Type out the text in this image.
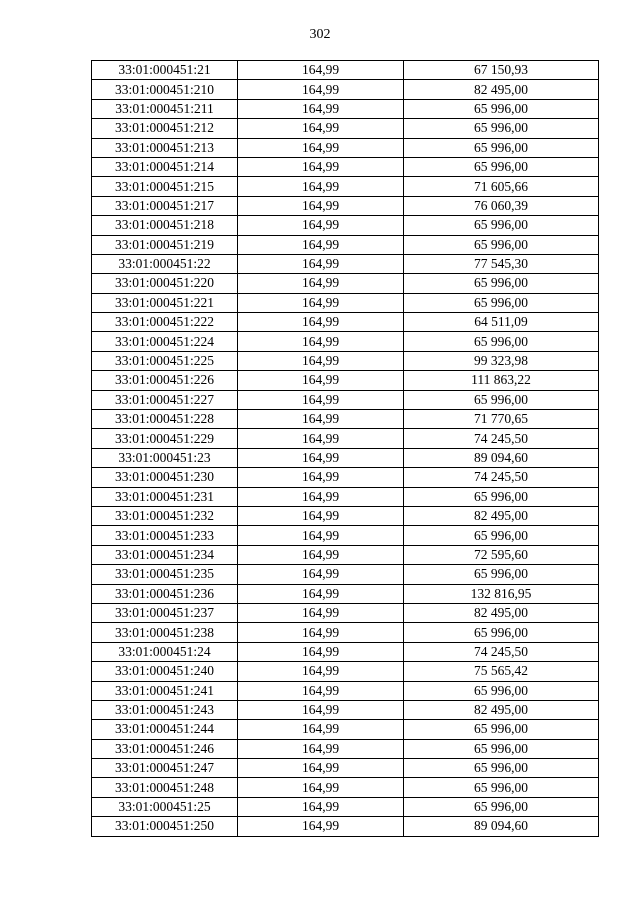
302
33:01:000451:21	164,99	67 150,93
33:01:000451:210	164,99	82 495,00
33:01:000451:211	164,99	65 996,00
33:01:000451:212	164,99	65 996,00
33:01:000451:213	164,99	65 996,00
33:01:000451:214	164,99	65 996,00
33:01:000451:215	164,99	71 605,66
33:01:000451:217	164,99	76 060,39
33:01:000451:218	164,99	65 996,00
33:01:000451:219	164,99	65 996,00
33:01:000451:22	164,99	77 545,30
33:01:000451:220	164,99	65 996,00
33:01:000451:221	164,99	65 996,00
33:01:000451:222	164,99	64 511,09
33:01:000451:224	164,99	65 996,00
33:01:000451:225	164,99	99 323,98
33:01:000451:226	164,99	111 863,22
33:01:000451:227	164,99	65 996,00
33:01:000451:228	164,99	71 770,65
33:01:000451:229	164,99	74 245,50
33:01:000451:23	164,99	89 094,60
33:01:000451:230	164,99	74 245,50
33:01:000451:231	164,99	65 996,00
33:01:000451:232	164,99	82 495,00
33:01:000451:233	164,99	65 996,00
33:01:000451:234	164,99	72 595,60
33:01:000451:235	164,99	65 996,00
33:01:000451:236	164,99	132 816,95
33:01:000451:237	164,99	82 495,00
33:01:000451:238	164,99	65 996,00
33:01:000451:24	164,99	74 245,50
33:01:000451:240	164,99	75 565,42
33:01:000451:241	164,99	65 996,00
33:01:000451:243	164,99	82 495,00
33:01:000451:244	164,99	65 996,00
33:01:000451:246	164,99	65 996,00
33:01:000451:247	164,99	65 996,00
33:01:000451:248	164,99	65 996,00
33:01:000451:25	164,99	65 996,00
33:01:000451:250	164,99	89 094,60
